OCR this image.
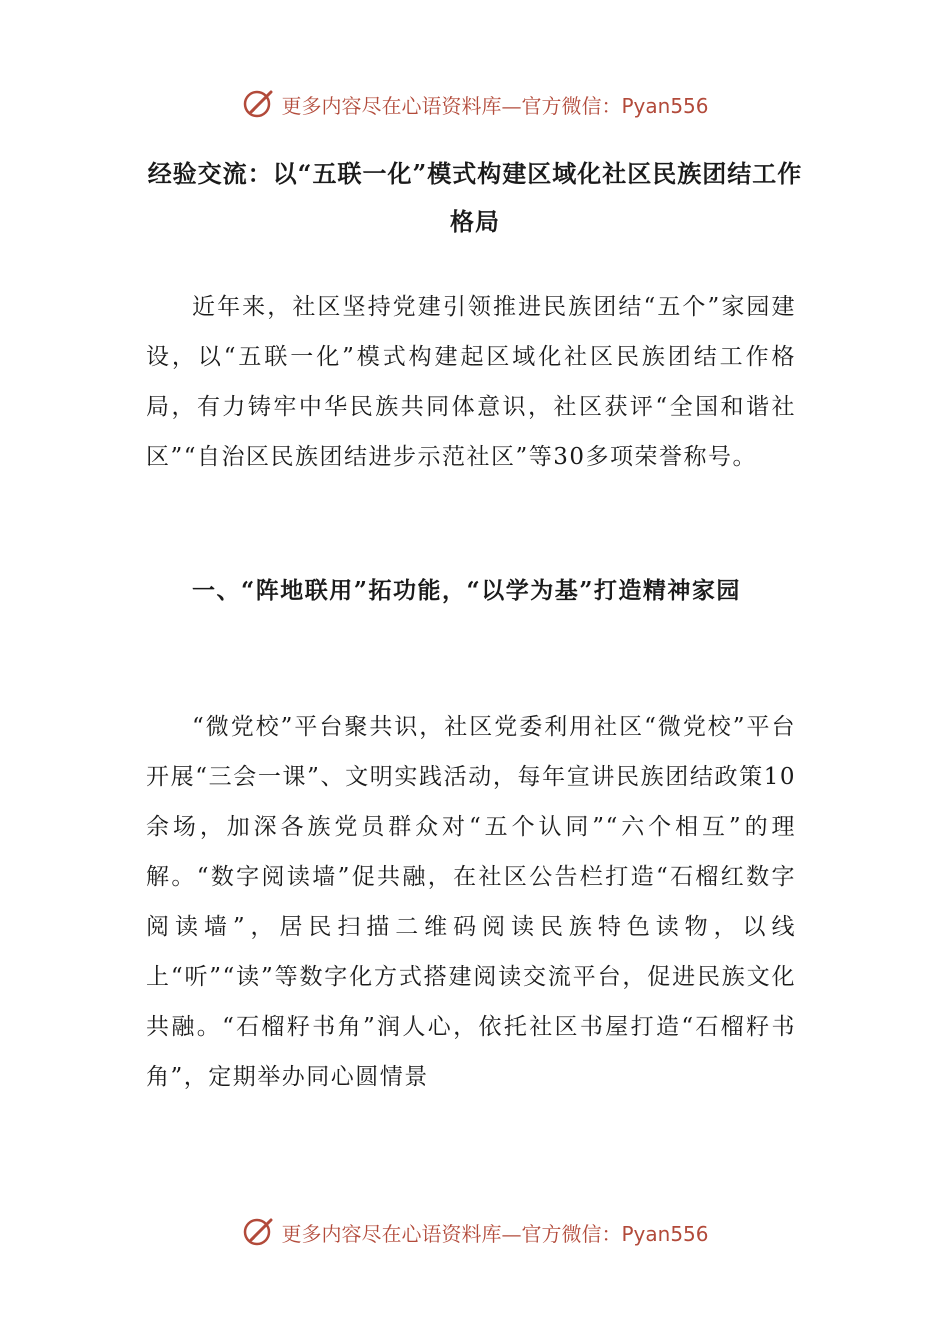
更多内容尽在心语资料库 —官方微信：Pyan556
经验交流：以“五联一化”模式构建区域化社区民族团结工作格局

近年来，社区坚持党建引领推进民族团结“五个”家园建设，以“五联一化”模式构建起区域化社区民族团结工作格局，有力铸牢中华民族共同体意识，社区获评“全国和谐社区”“自治区民族团结进步示范社区”等30多项荣誉称号。

一、“阵地联用”拓功能，“以学为基”打造精神家园

“微党校”平台聚共识，社区党委利用社区“微党校”平台开展“三会一课”、文明实践活动，每年宣讲民族团结政策10余场，加深各族党员群众对“五个认同”“六个相互”的理解。“数字阅读墙”促共融，在社区公告栏打造“石榴红数字阅读墙”，居民扫描二维码阅读民族特色读物，以线上“听”“读”等数字化方式搭建阅读交流平台，促进民族文化共融。“石榴籽书角”润人心，依托社区书屋打造“石榴籽书角”，定期举办同心圆情景

更多内容尽在心语资料库 —官方微信：Pyan556
